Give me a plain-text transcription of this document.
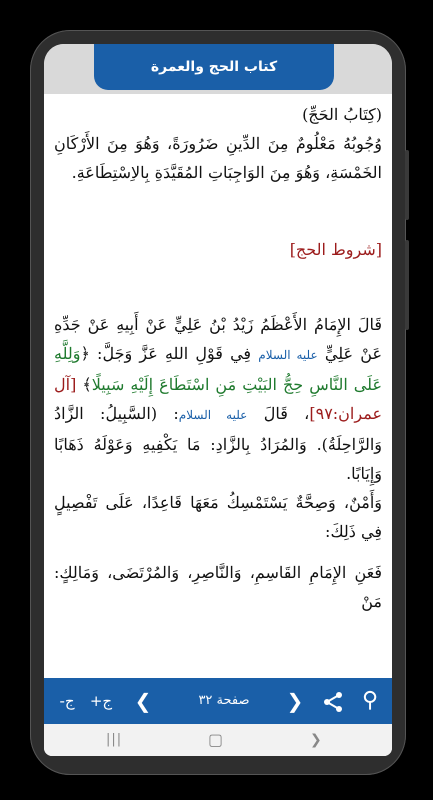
كتاب الحج والعمرة

(كِتَابُ الحَجِّ)

وُجُوبُهُ مَعْلُومٌ مِنَ الدِّينِ ضَرُورَةً، وَهُوَ مِنَ الأَرْكَانِ الخَمْسَةِ، وَهُوَ مِنَ الوَاجِبَاتِ المُقَيَّدَةِ بِالاِسْتِطَاعَةِ.

[شروط الحج]

قَالَ الإِمَامُ الأَعْظَمُ زَيْدُ بْنُ عَلِيٍّ عَنْ أَبِيهِ عَنْ جَدِّهِ عَنْ عَلِيٍّ عليه السلام فِي قَوْلِ اللهِ عَزَّ وَجَلَّ: ﴿وَلِلَّهِ عَلَى النَّاسِ حِجُّ البَيْتِ مَنِ اسْتَطَاعَ إِلَيْهِ سَبِيلًا﴾ [آل عمران:٩٧]، قَالَ عليه السلام: (السَّبِيلُ: الزَّادُ وَالرَّاحِلَةُ). وَالمُرَادُ بِالزَّادِ: مَا يَكْفِيهِ وَعَوْلَهُ ذَهَابًا وَإِيَابًا.

وَأَمْنٌ، وَصِحَّةٌ يَسْتَمْسِكُ مَعَهَا قَاعِدًا، عَلَى تَفْصِيلٍ فِي ذَلِكَ:

فَعَنِ الإِمَامِ القَاسِمِ، وَالنَّاصِرِ، وَالمُرْتَضَى، وَمَالِكٍ: مَنْ

⚲
❯
صفحة ٣٢
❮
ج+
ج-
|||	▢	❯
